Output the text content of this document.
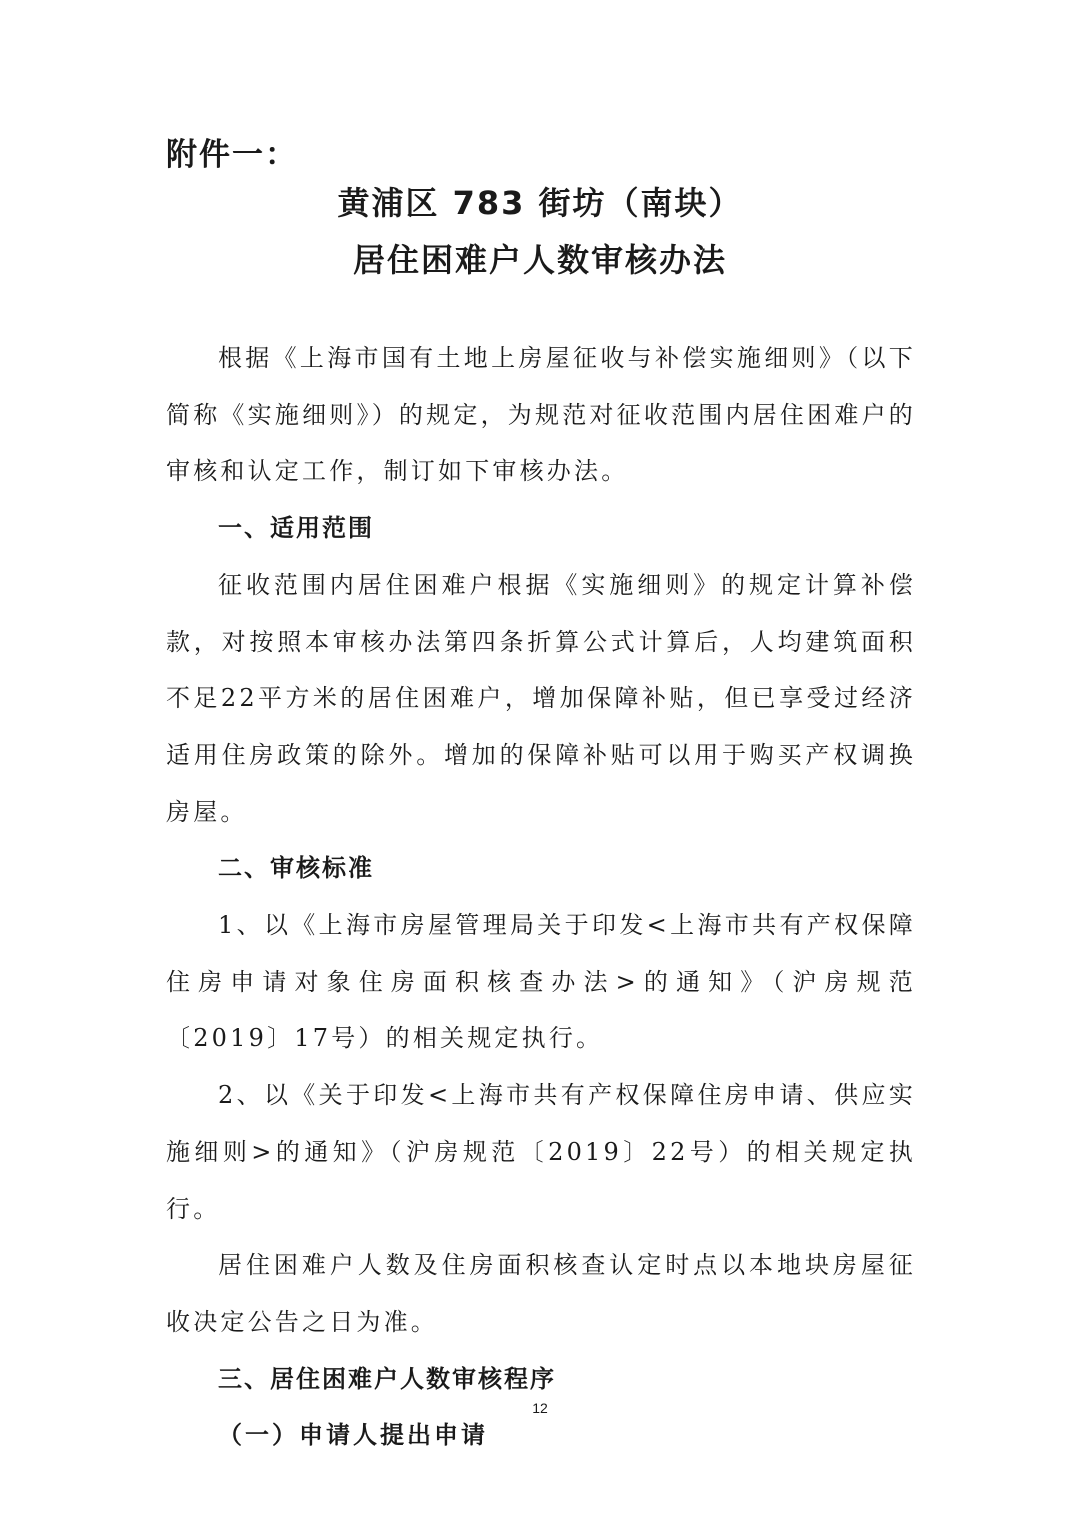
附件一：
黄浦区 783 街坊（南块）
居住困难户人数审核办法

根据《上海市国有土地上房屋征收与补偿实施细则》（以下简称《实施细则》）的规定，为规范对征收范围内居住困难户的审核和认定工作，制订如下审核办法。

一、适用范围

征收范围内居住困难户根据《实施细则》的规定计算补偿款，对按照本审核办法第四条折算公式计算后，人均建筑面积不足22平方米的居住困难户，增加保障补贴，但已享受过经济适用住房政策的除外。增加的保障补贴可以用于购买产权调换房屋。

二、审核标准

1、以《上海市房屋管理局关于印发<上海市共有产权保障住房申请对象住房面积核查办法>的通知》（沪房规范〔2019〕17号）的相关规定执行。

2、以《关于印发<上海市共有产权保障住房申请、供应实施细则>的通知》（沪房规范〔2019〕22号）的相关规定执行。

居住困难户人数及住房面积核查认定时点以本地块房屋征收决定公告之日为准。

三、居住困难户人数审核程序

（一）申请人提出申请

12
